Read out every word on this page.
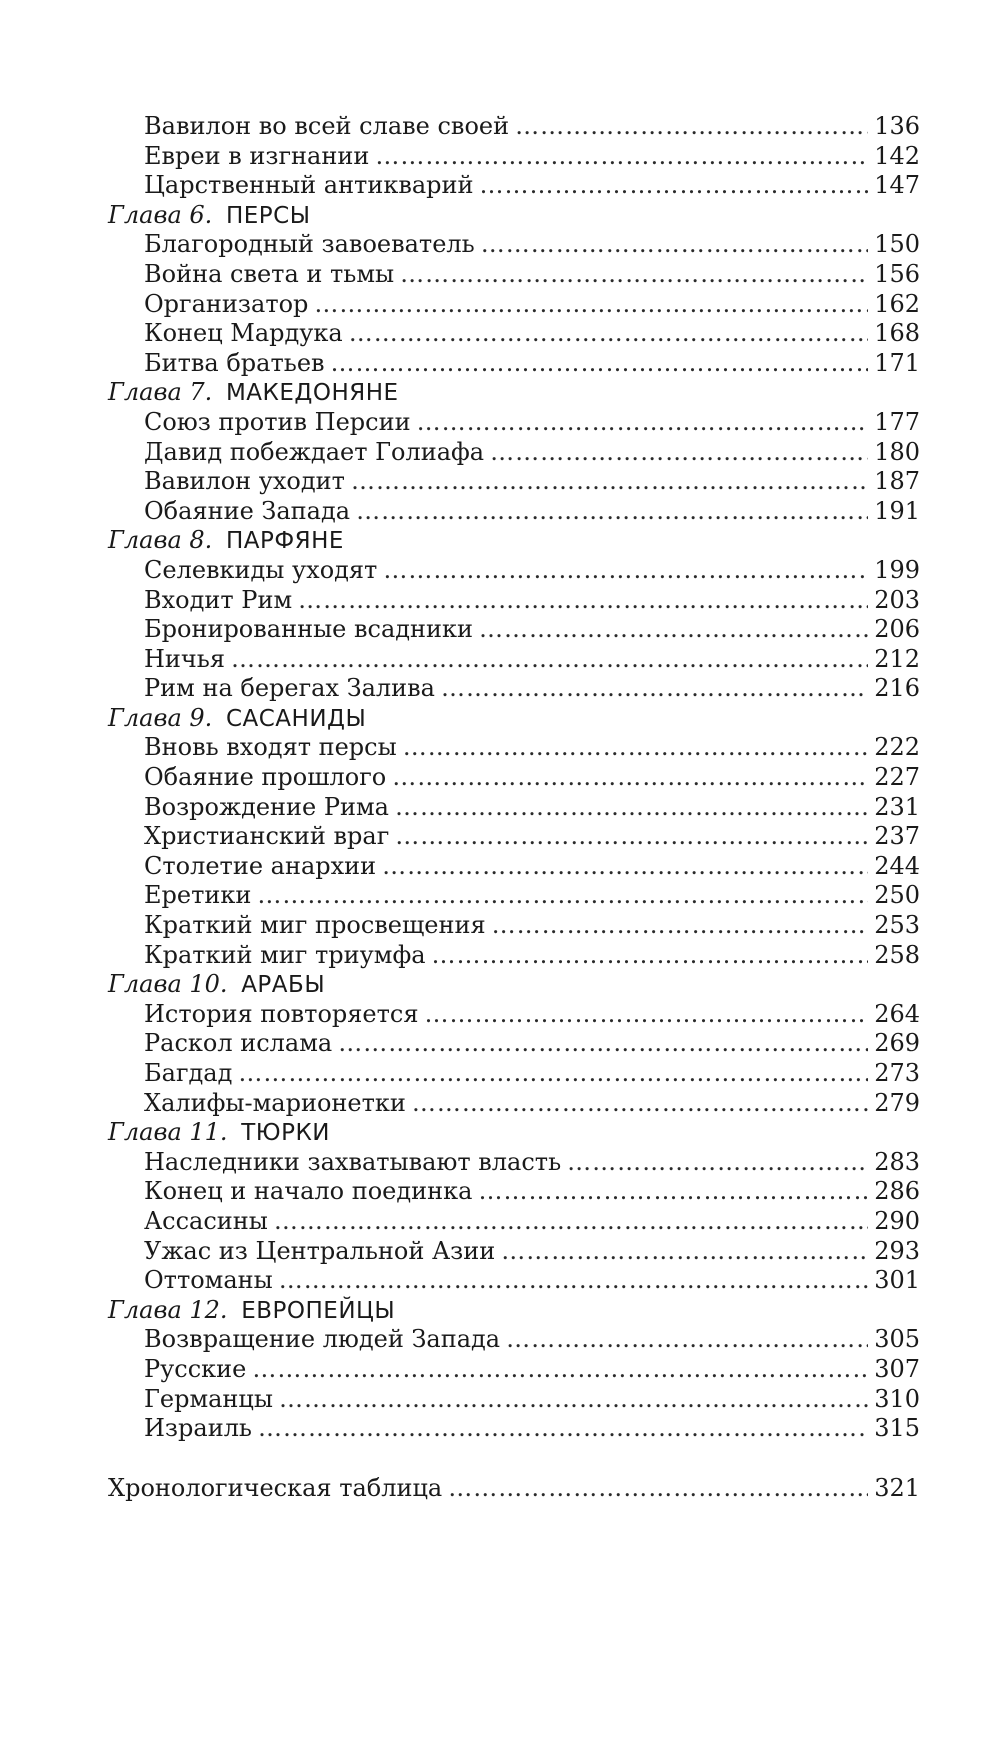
Вавилон во всей славе своей ……………………………………………………………………………………………………………………………………………………………………………………………	136
Евреи в изгнании ……………………………………………………………………………………………………………………………………………………………………………………………	142
Царственный антикварий ……………………………………………………………………………………………………………………………………………………………………………………………	147
Глава 6. ПЕРСЫ
Благородный завоеватель ……………………………………………………………………………………………………………………………………………………………………………………………	150
Война света и тьмы ……………………………………………………………………………………………………………………………………………………………………………………………	156
Организатор ……………………………………………………………………………………………………………………………………………………………………………………………	162
Конец Мардука ……………………………………………………………………………………………………………………………………………………………………………………………	168
Битва братьев ……………………………………………………………………………………………………………………………………………………………………………………………	171
Глава 7. МАКЕДОНЯНЕ
Союз против Персии ……………………………………………………………………………………………………………………………………………………………………………………………	177
Давид побеждает Голиафа ……………………………………………………………………………………………………………………………………………………………………………………………	180
Вавилон уходит ……………………………………………………………………………………………………………………………………………………………………………………………	187
Обаяние Запада ……………………………………………………………………………………………………………………………………………………………………………………………	191
Глава 8. ПАРФЯНЕ
Селевкиды уходят ……………………………………………………………………………………………………………………………………………………………………………………………	199
Входит Рим ……………………………………………………………………………………………………………………………………………………………………………………………	203
Бронированные всадники ……………………………………………………………………………………………………………………………………………………………………………………………	206
Ничья ……………………………………………………………………………………………………………………………………………………………………………………………	212
Рим на берегах Залива ……………………………………………………………………………………………………………………………………………………………………………………………	216
Глава 9. САСАНИДЫ
Вновь входят персы ……………………………………………………………………………………………………………………………………………………………………………………………	222
Обаяние прошлого ……………………………………………………………………………………………………………………………………………………………………………………………	227
Возрождение Рима ……………………………………………………………………………………………………………………………………………………………………………………………	231
Христианский враг ……………………………………………………………………………………………………………………………………………………………………………………………	237
Столетие анархии ……………………………………………………………………………………………………………………………………………………………………………………………	244
Еретики ……………………………………………………………………………………………………………………………………………………………………………………………	250
Краткий миг просвещения ……………………………………………………………………………………………………………………………………………………………………………………………	253
Краткий миг триумфа ……………………………………………………………………………………………………………………………………………………………………………………………	258
Глава 10. АРАБЫ
История повторяется ……………………………………………………………………………………………………………………………………………………………………………………………	264
Раскол ислама ……………………………………………………………………………………………………………………………………………………………………………………………	269
Багдад ……………………………………………………………………………………………………………………………………………………………………………………………	273
Халифы-марионетки ……………………………………………………………………………………………………………………………………………………………………………………………	279
Глава 11. ТЮРКИ
Наследники захватывают власть ……………………………………………………………………………………………………………………………………………………………………………………………	283
Конец и начало поединка ……………………………………………………………………………………………………………………………………………………………………………………………	286
Ассасины ……………………………………………………………………………………………………………………………………………………………………………………………	290
Ужас из Центральной Азии ……………………………………………………………………………………………………………………………………………………………………………………………	293
Оттоманы ……………………………………………………………………………………………………………………………………………………………………………………………	301
Глава 12. ЕВРОПЕЙЦЫ
Возвращение людей Запада ……………………………………………………………………………………………………………………………………………………………………………………………	305
Русские ……………………………………………………………………………………………………………………………………………………………………………………………	307
Германцы ……………………………………………………………………………………………………………………………………………………………………………………………	310
Израиль ……………………………………………………………………………………………………………………………………………………………………………………………	315
Хронологическая таблица ……………………………………………………………………………………………………………………………………………………………………………………………	321
